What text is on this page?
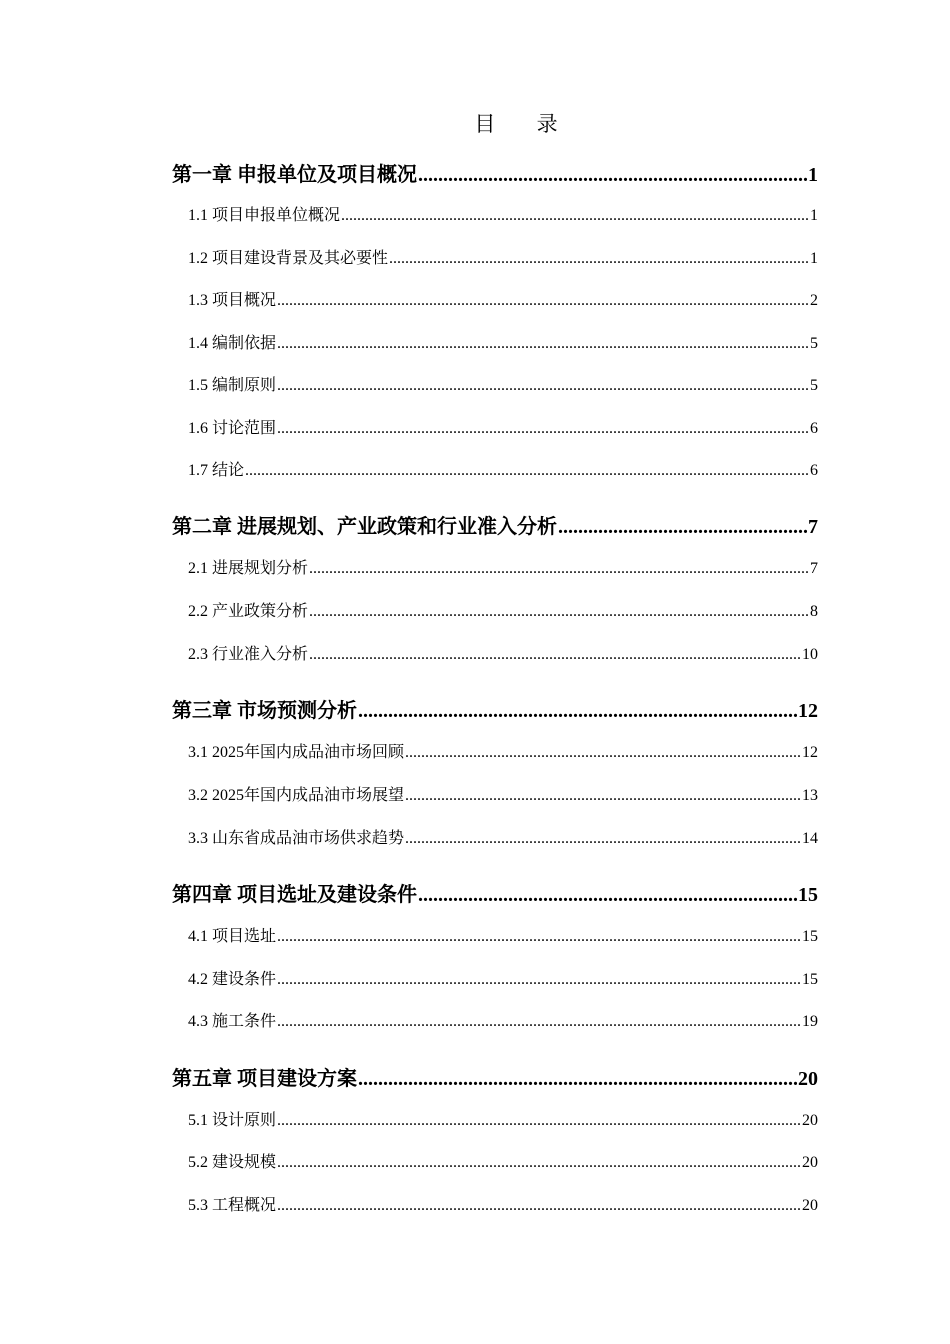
目 录
第一章 申报单位及项目概况 .....	1
1.1 项目申报单位概况 .....	1
1.2 项目建设背景及其必要性 .....	1
1.3 项目概况 .....	2
1.4 编制依据 .....	5
1.5 编制原则 .....	5
1.6 讨论范围 .....	6
1.7 结论 .....	6
第二章 进展规划、产业政策和行业准入分析 .....	7
2.1 进展规划分析 .....	7
2.2 产业政策分析 .....	8
2.3 行业准入分析 .....	10
第三章 市场预测分析 .....	12
3.1 2025年国内成品油市场回顾 .....	12
3.2 2025年国内成品油市场展望 .....	13
3.3 山东省成品油市场供求趋势 .....	14
第四章 项目选址及建设条件 .....	15
4.1 项目选址 .....	15
4.2 建设条件 .....	15
4.3 施工条件 .....	19
第五章 项目建设方案 .....	20
5.1 设计原则 .....	20
5.2 建设规模 .....	20
5.3 工程概况 .....	20
